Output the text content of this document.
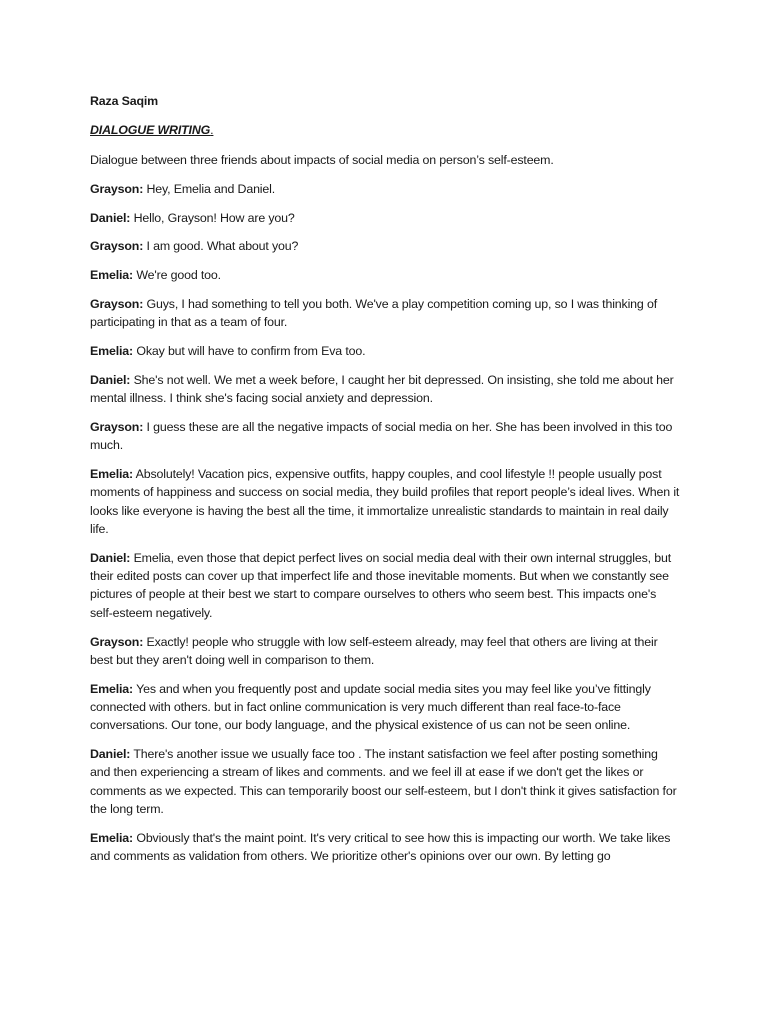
Raza Saqim

DIALOGUE WRITING.

Dialogue between three friends about impacts of social media on person’s self-esteem.

Grayson: Hey, Emelia and Daniel.

Daniel: Hello, Grayson! How are you?

Grayson: I am good. What about you?

Emelia: We're good too.

Grayson: Guys, I had something to tell you both. We've a play competition coming up, so I was thinking of participating in that as a team of four.

Emelia: Okay but will have to confirm from Eva too.

Daniel: She's not well. We met a week before, I caught her bit depressed. On insisting, she told me about her mental illness. I think she's facing social anxiety and depression.

Grayson: I guess these are all the negative impacts of social media on her. She has been involved in this too much.

Emelia: Absolutely! Vacation pics, expensive outfits, happy couples, and cool lifestyle !! people usually post moments of happiness and success on social media, they build profiles that report people’s ideal lives. When it looks like everyone is having the best all the time, it immortalize unrealistic standards to maintain in real daily life.

Daniel: Emelia, even those that depict perfect lives on social media deal with their own internal struggles, but their edited posts can cover up that imperfect life and those inevitable moments. But when we constantly see pictures of people at their best we start to compare ourselves to others who seem best. This impacts one's self-esteem negatively.

Grayson: Exactly! people who struggle with low self-esteem already, may feel that others are living at their best but they aren't doing well in comparison to them.

Emelia: Yes and when you frequently post and update social media sites you may feel like you’ve fittingly connected with others. but in fact online communication is very much different than real face-to-face conversations. Our tone, our body language, and the physical existence of us can not be seen online.

Daniel: There's another issue we usually face too . The instant satisfaction we feel after posting something and then experiencing a stream of likes and comments. and we feel ill at ease if we don't get the likes or comments as we expected. This can temporarily boost our self-esteem, but I don't think it gives satisfaction for the long term.

Emelia: Obviously that's the maint point. It's very critical to see how this is impacting our worth. We take likes and comments as validation from others. We prioritize other's opinions over our own. By letting go
